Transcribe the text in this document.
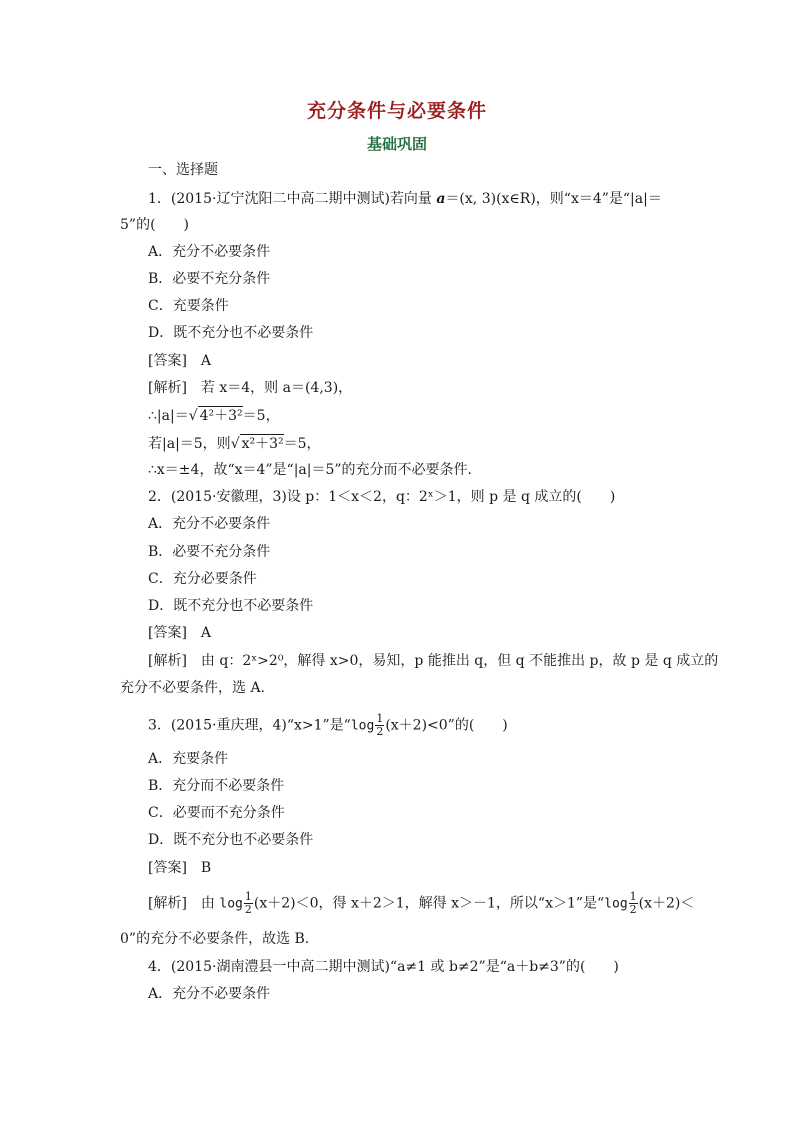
充分条件与必要条件
基础巩固
一、选择题
1．(2015·辽宁沈阳二中高二期中测试)若向量 a＝(x, 3)(x∈R)，则“x＝4”是“|a|＝
5”的(　　)
A．充分不必要条件
B．必要不充分条件
C．充要条件
D．既不充分也不必要条件
[答案]　A
[解析]　若 x＝4，则 a＝(4,3)，
∴|a|＝√ 4²＋3²＝5，
若|a|＝5，则√ x²＋3²＝5，
∴x＝±4，故“x＝4”是“|a|＝5”的充分而不必要条件．
2．(2015·安徽理，3)设 p：1＜x＜2，q：2ˣ＞1，则 p 是 q 成立的(　　)
A．充分不必要条件
B．必要不充分条件
C．充分必要条件
D．既不充分也不必要条件
[答案]　A
[解析]　由 q：2ˣ>2⁰，解得 x>0，易知，p 能推出 q，但 q 不能推出 p，故 p 是 q 成立的
充分不必要条件，选 A.
3．(2015·重庆理，4)“x>1”是“$\log \frac{1}{2} (x+2)<0$”的(　　)
A．充要条件
B．充分而不必要条件
C．必要而不充分条件
D．既不充分也不必要条件
[答案]　B
[解析]　由 $\log \frac{1}{2} (x+2)<0$，得 x＋2＞1，解得 x＞－1，所以“x＞1”是“$\log \frac{1}{2} (x+2)<$
0”的充分不必要条件，故选 B.
4．(2015·湖南澧县一中高二期中测试)“a≠1 或 b≠2”是“a＋b≠3”的(　　)
A．充分不必要条件
